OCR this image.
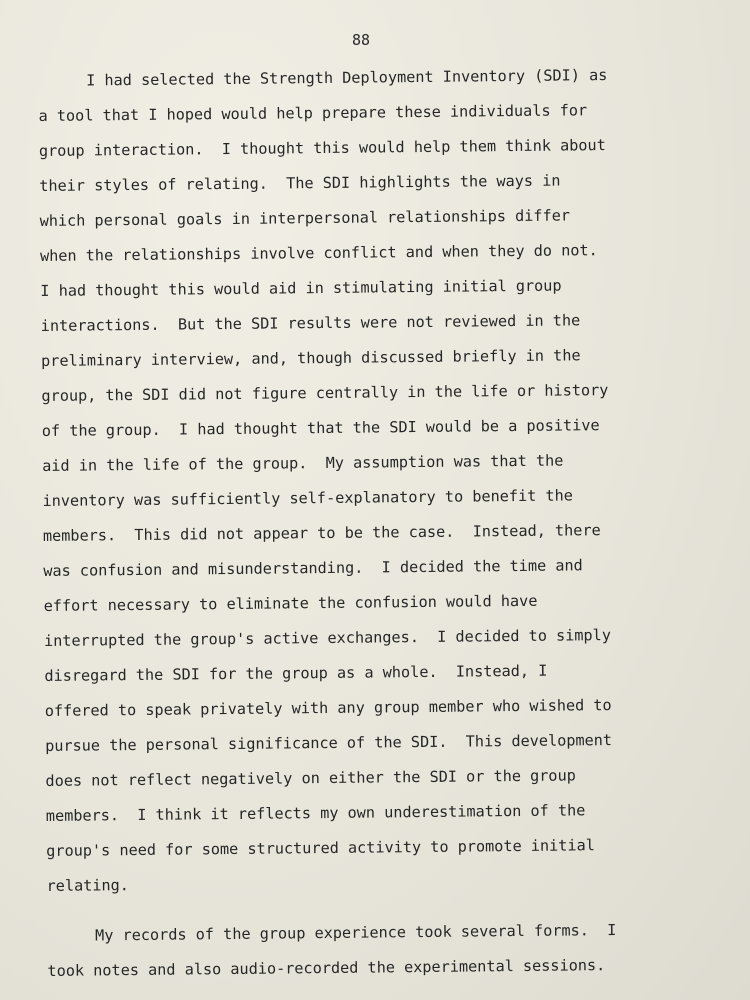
88

I had selected the Strength Deployment Inventory (SDI) as
a tool that I hoped would help prepare these individuals for
group interaction.  I thought this would help them think about
their styles of relating.  The SDI highlights the ways in
which personal goals in interpersonal relationships differ
when the relationships involve conflict and when they do not.
I had thought this would aid in stimulating initial group
interactions.  But the SDI results were not reviewed in the
preliminary interview, and, though discussed briefly in the
group, the SDI did not figure centrally in the life or history
of the group.  I had thought that the SDI would be a positive
aid in the life of the group.  My assumption was that the
inventory was sufficiently self-explanatory to benefit the
members.  This did not appear to be the case.  Instead, there
was confusion and misunderstanding.  I decided the time and
effort necessary to eliminate the confusion would have
interrupted the group's active exchanges.  I decided to simply
disregard the SDI for the group as a whole.  Instead, I
offered to speak privately with any group member who wished to
pursue the personal significance of the SDI.  This development
does not reflect negatively on either the SDI or the group
members.  I think it reflects my own underestimation of the
group's need for some structured activity to promote initial
relating.
My records of the group experience took several forms.  I
took notes and also audio-recorded the experimental sessions.
